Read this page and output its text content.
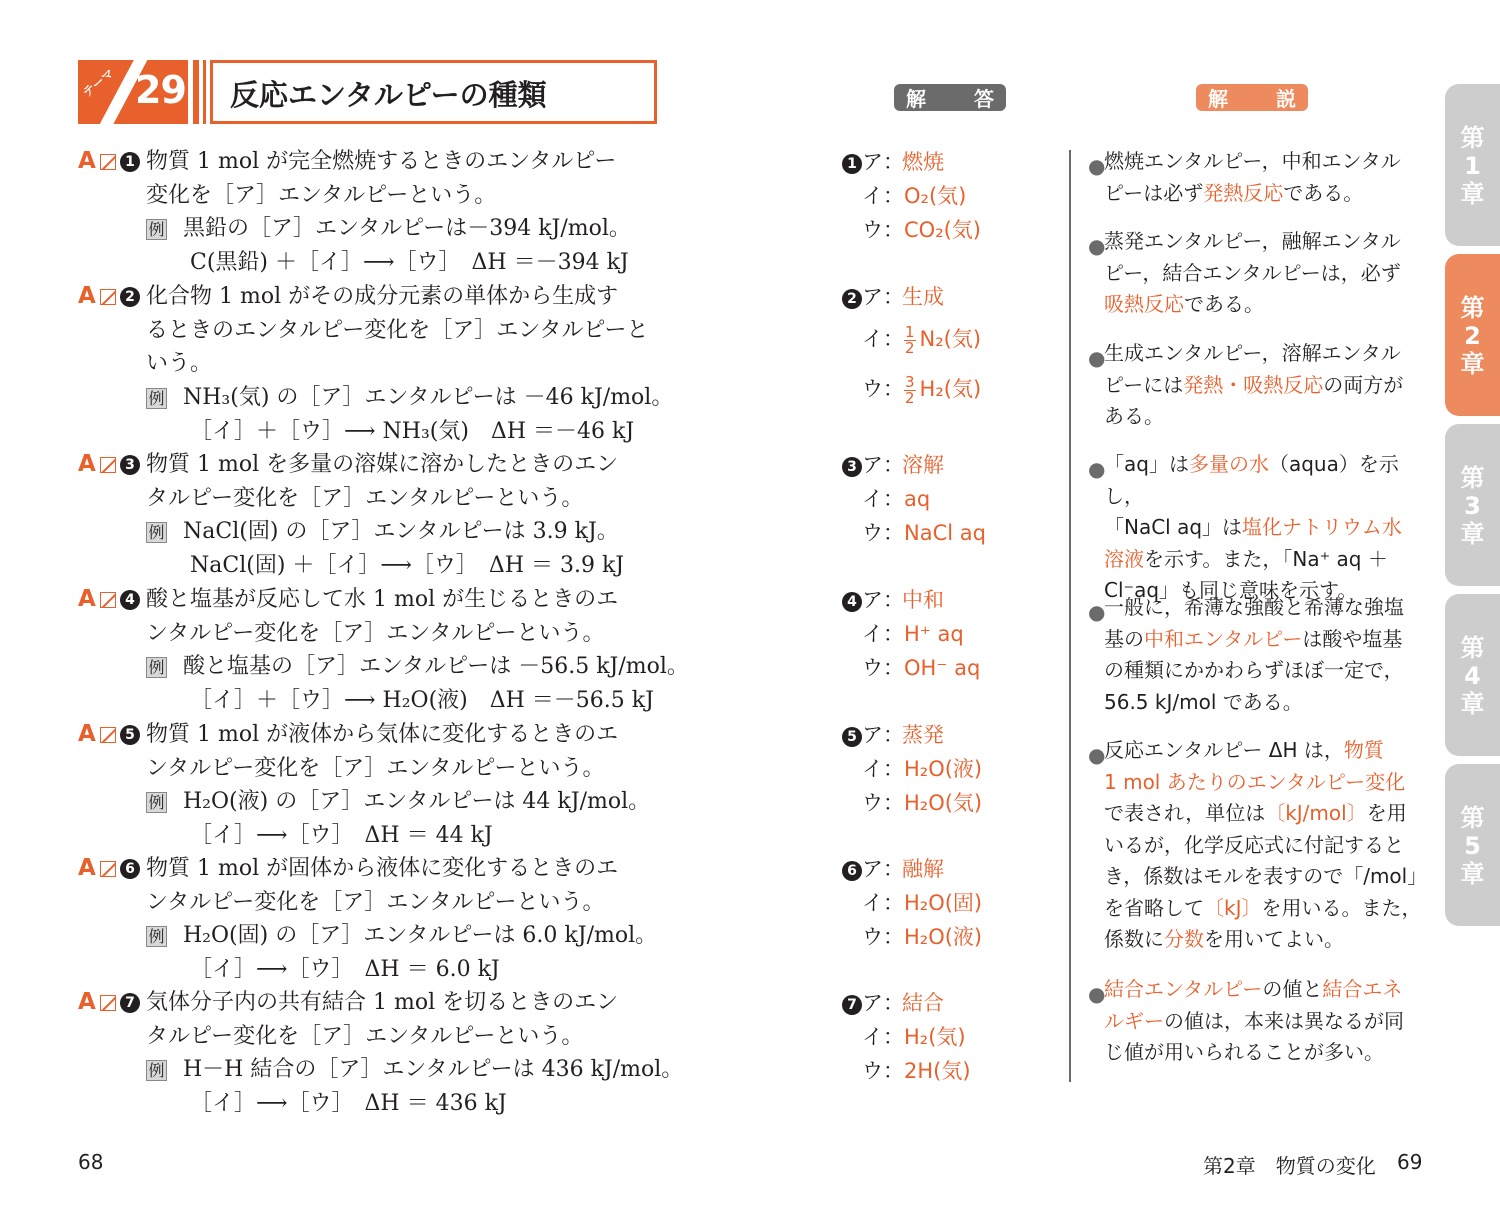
テーマ 29 反応エンタルピーの種類	解 答	解 説
A	1 物質 1 mol が完全燃焼するときのエンタルピー
変化を［ア］エンタルピーという。
例 黒鉛の［ア］エンタルピーは－394 kJ/mol。
C(黒鉛) ＋［イ］⟶［ウ］　ΔH ＝－394 kJ
A	2 化合物 1 mol がその成分元素の単体から生成す
るときのエンタルピー変化を［ア］エンタルピーと
いう。
例 NH₃(気) の［ア］エンタルピーは －46 kJ/mol。
［イ］＋［ウ］⟶ NH₃(気)　ΔH ＝－46 kJ
A	3 物質 1 mol を多量の溶媒に溶かしたときのエン
タルピー変化を［ア］エンタルピーという。
例 NaCl(固) の［ア］エンタルピーは 3.9 kJ。
NaCl(固) ＋［イ］⟶［ウ］　ΔH ＝ 3.9 kJ
A	4 酸と塩基が反応して水 1 mol が生じるときのエ
ンタルピー変化を［ア］エンタルピーという。
例 酸と塩基の［ア］エンタルピーは －56.5 kJ/mol。
［イ］＋［ウ］⟶ H₂O(液)　ΔH ＝－56.5 kJ
A	5 物質 1 mol が液体から気体に変化するときのエ
ンタルピー変化を［ア］エンタルピーという。
例 H₂O(液) の［ア］エンタルピーは 44 kJ/mol。
［イ］⟶［ウ］　ΔH ＝ 44 kJ
A	6 物質 1 mol が固体から液体に変化するときのエ
ンタルピー変化を［ア］エンタルピーという。
例 H₂O(固) の［ア］エンタルピーは 6.0 kJ/mol。
［イ］⟶［ウ］　ΔH ＝ 6.0 kJ
A	7 気体分子内の共有結合 1 mol を切るときのエン
タルピー変化を［ア］エンタルピーという。
例 H－H 結合の［ア］エンタルピーは 436 kJ/mol。
［イ］⟶［ウ］　ΔH ＝ 436 kJ
1 ア：燃焼
イ：O₂(気)
ウ：CO₂(気)
2 ア：生成
イ： $\frac{1}{2} N_2$(気)
ウ： $\frac{3}{2} H_2$(気)
3 ア：溶解
イ：aq
ウ：NaCl aq
4 ア：中和
イ：H⁺ aq
ウ：OH⁻ aq
5 ア：蒸発
イ：H₂O(液)
ウ：H₂O(気)
6 ア：融解
イ：H₂O(固)
ウ：H₂O(液)
7 ア：結合
イ：H₂(気)
ウ：2H(気)
●
燃焼エンタルピー，中和エンタル
ピーは必ず発熱反応である。
●
蒸発エンタルピー，融解エンタル
ピー，結合エンタルピーは，必ず
吸熱反応である。
●
生成エンタルピー，溶解エンタル
ピーには発熱・吸熱反応の両方が
ある。
●
「aq」は多量の水（aqua）を示し，
「NaCl aq」は塩化ナトリウム水
溶液を示す。また，「Na⁺ aq ＋
Cl⁻aq」も同じ意味を示す。
●
一般に，希薄な強酸と希薄な強塩
基の中和エンタルピーは酸や塩基
の種類にかかわらずほぼ一定で，
56.5 kJ/mol である。
●
反応エンタルピー ΔH は，物質
1 mol あたりのエンタルピー変化
で表され，単位は〔kJ/mol〕を用
いるが，化学反応式に付記すると
き，係数はモルを表すので「/mol」
を省略して〔kJ〕を用いる。また，
係数に分数を用いてよい。
●
結合エンタルピーの値と結合エネ
ルギーの値は，本来は異なるが同
じ値が用いられることが多い。
第
1
章
第
2
章
第
3
章
第
4
章
第
5
章
68	第2章　物質の変化 69
